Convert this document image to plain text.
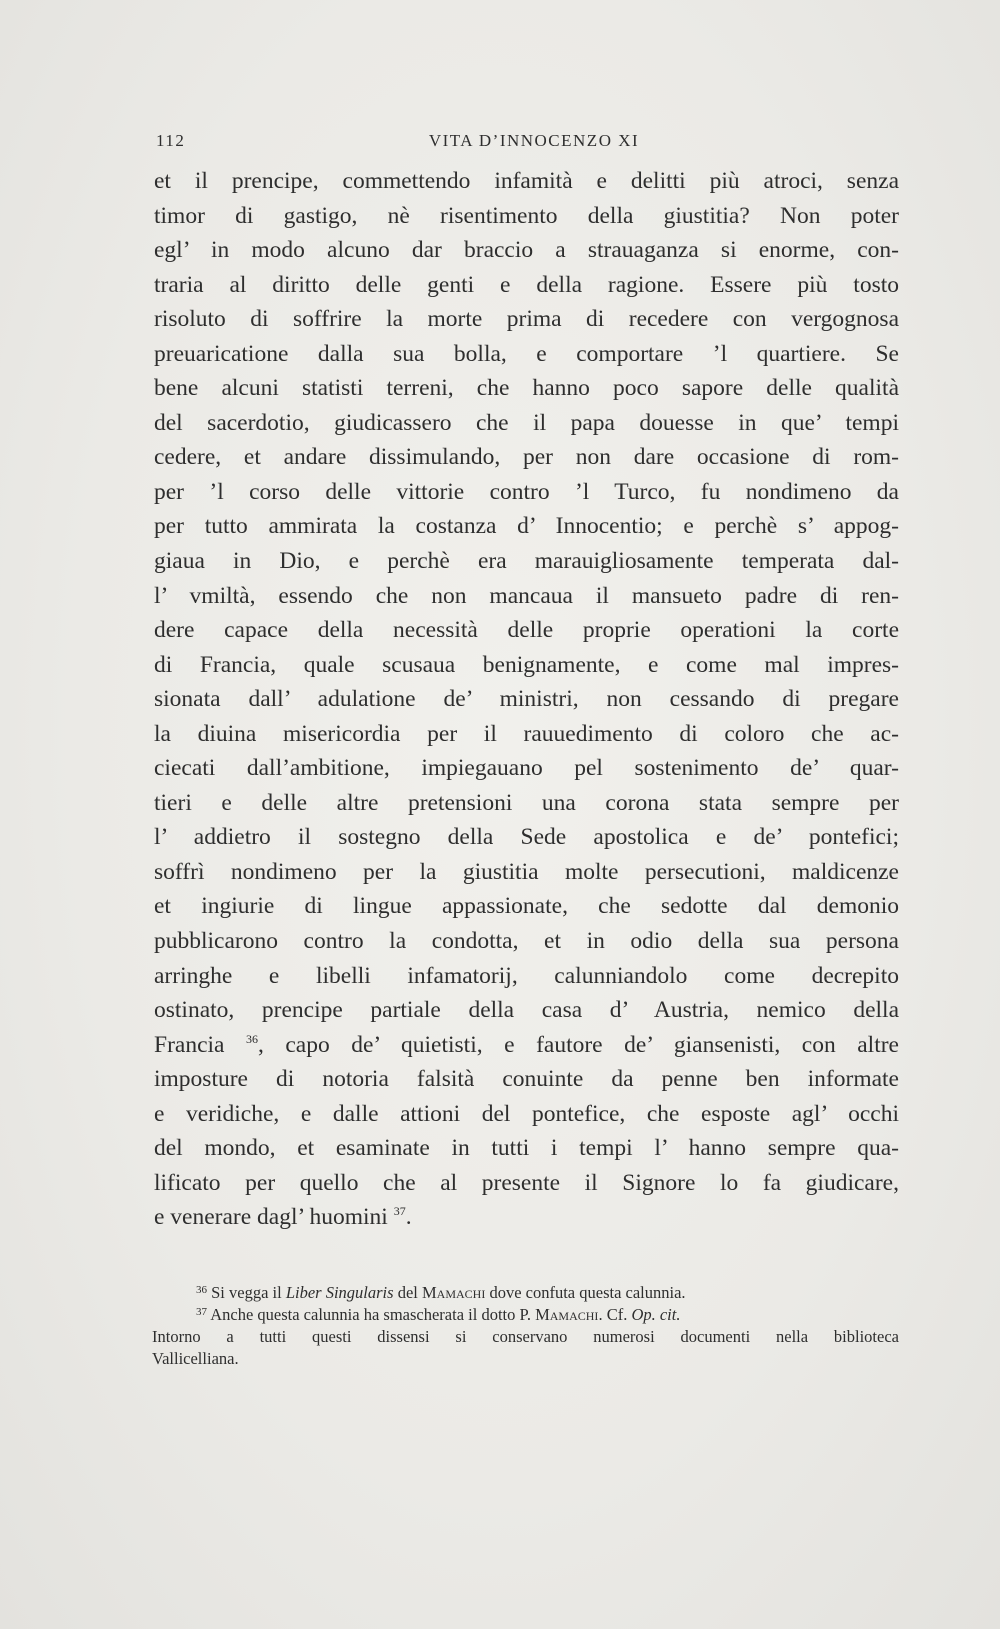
112	VITA D’INNOCENZO XI
et il prencipe, commettendo infamità e delitti più atroci, senza
timor di gastigo, nè risentimento della giustitia? Non poter
egl’ in modo alcuno dar braccio a strauaganza si enorme, con-
traria al diritto delle genti e della ragione. Essere più tosto
risoluto di soffrire la morte prima di recedere con vergognosa
preuaricatione dalla sua bolla, e comportare ’l quartiere. Se
bene alcuni statisti terreni, che hanno poco sapore delle qualità
del sacerdotio, giudicassero che il papa douesse in que’ tempi
cedere, et andare dissimulando, per non dare occasione di rom-
per ’l corso delle vittorie contro ’l Turco, fu nondimeno da
per tutto ammirata la costanza d’ Innocentio; e perchè s’ appog-
giaua in Dio, e perchè era marauigliosamente temperata dal-
l’ vmiltà, essendo che non mancaua il mansueto padre di ren-
dere capace della necessità delle proprie operationi la corte
di Francia, quale scusaua benignamente, e come mal impres-
sionata dall’ adulatione de’ ministri, non cessando di pregare
la diuina misericordia per il rauuedimento di coloro che ac-
ciecati dall’ambitione, impiegauano pel sostenimento de’ quar-
tieri e delle altre pretensioni una corona stata sempre per
l’ addietro il sostegno della Sede apostolica e de’ pontefici;
soffrì nondimeno per la giustitia molte persecutioni, maldicenze
et ingiurie di lingue appassionate, che sedotte dal demonio
pubblicarono contro la condotta, et in odio della sua persona
arringhe e libelli infamatorij, calunniandolo come decrepito
ostinato, prencipe partiale della casa d’ Austria, nemico della
Francia $^{36}$, capo de’ quietisti, e fautore de’ giansenisti, con altre
imposture di notoria falsità conuinte da penne ben informate
e veridiche, e dalle attioni del pontefice, che esposte agl’ occhi
del mondo, et esaminate in tutti i tempi l’ hanno sempre qua-
lificato per quello che al presente il Signore lo fa giudicare,
e venerare dagl’ huomini $^{37}$.
$^{36}$ Si vegga il Liber Singularis del Mamachi dove confuta questa calunnia.
$^{37}$ Anche questa calunnia ha smascherata il dotto P. Mamachi. Cf. Op. cit.
Intorno a tutti questi dissensi si conservano numerosi documenti nella biblioteca
Vallicelliana.
